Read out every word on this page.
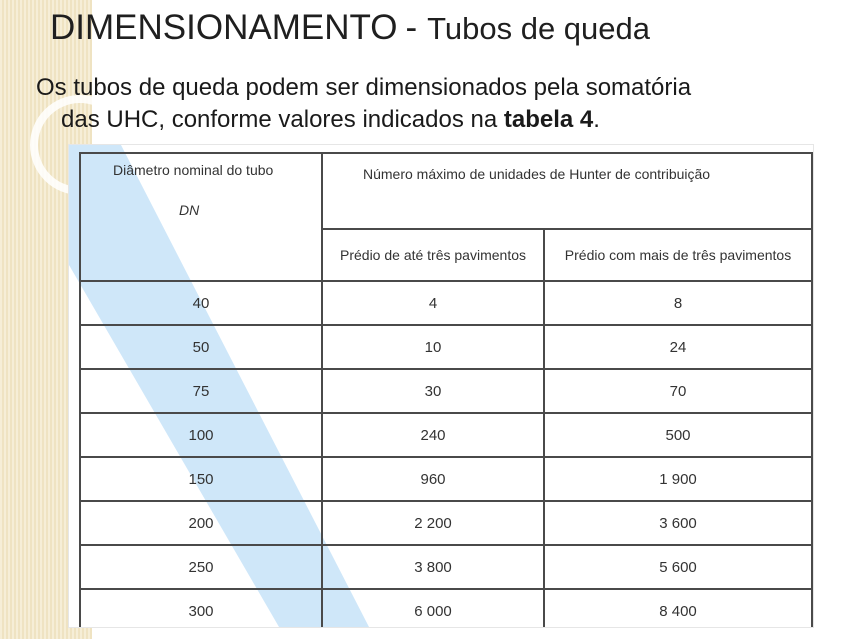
DIMENSIONAMENTO - Tubos de queda
Os tubos de queda podem ser dimensionados pela somatória
das UHC, conforme valores indicados na tabela 4.
Diâmetro nominal do tubo
DN	Número máximo de unidades de Hunter de contribuição	
	Prédio de até três pavimentos	Prédio com mais de três pavimentos
40	4	8
50	10	24
75	30	70
100	240	500
150	960	1 900
200	2 200	3 600
250	3 800	5 600
300	6 000	8 400
